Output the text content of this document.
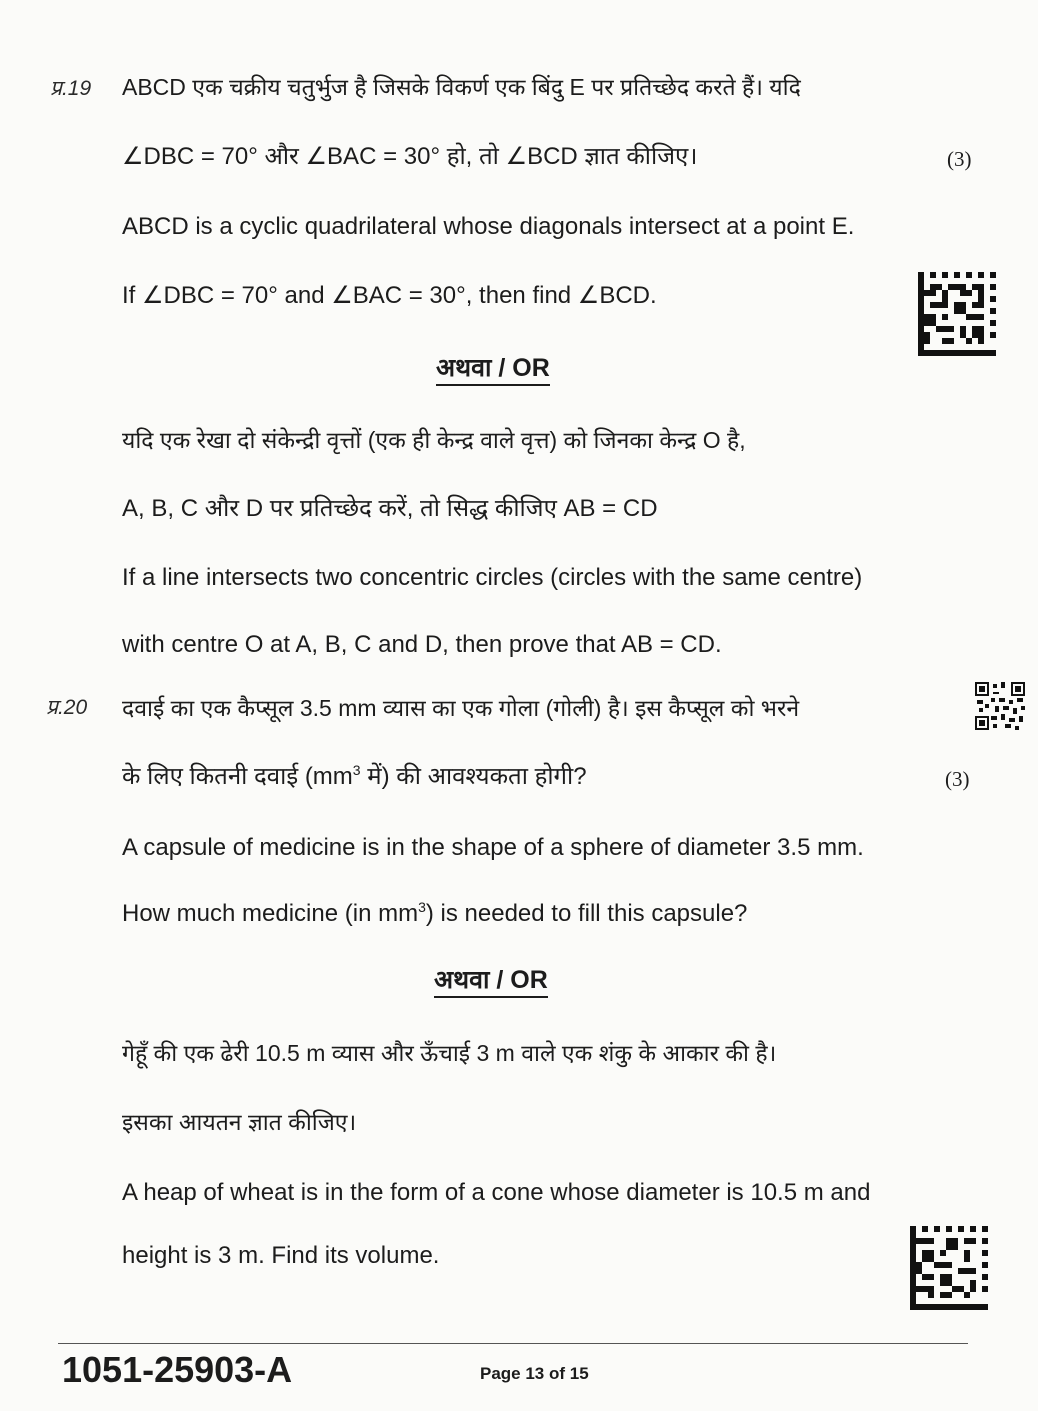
प्र.19 ABCD एक चक्रीय चतुर्भुज है जिसके विकर्ण एक बिंदु E पर प्रतिच्छेद करते हैं। यदि
∠DBC = 70° और ∠BAC = 30° हो, तो ∠BCD ज्ञात कीजिए।	(3)
ABCD is a cyclic quadrilateral whose diagonals intersect at a point E.
If ∠DBC = 70° and ∠BAC = 30°, then find ∠BCD.
अथवा / OR
यदि एक रेखा दो संकेन्द्री वृत्तों (एक ही केन्द्र वाले वृत्त) को जिनका केन्द्र O है,
A, B, C और D पर प्रतिच्छेद करें, तो सिद्ध कीजिए AB = CD
If a line intersects two concentric circles (circles with the same centre)
with centre O at A, B, C and D, then prove that AB = CD.
प्र.20 दवाई का एक कैप्सूल 3.5 mm व्यास का एक गोला (गोली) है। इस कैप्सूल को भरने
के लिए कितनी दवाई ($mm^3$ में) की आवश्यकता होगी?	(3)
A capsule of medicine is in the shape of a sphere of diameter 3.5 mm.
How much medicine (in $mm^3$) is needed to fill this capsule?
अथवा / OR
गेहूँ की एक ढेरी 10.5 m व्यास और ऊँचाई 3 m वाले एक शंकु के आकार की है।
इसका आयतन ज्ञात कीजिए।
A heap of wheat is in the form of a cone whose diameter is 10.5 m and
height is 3 m. Find its volume.
1051-25903-A	Page 13 of 15
